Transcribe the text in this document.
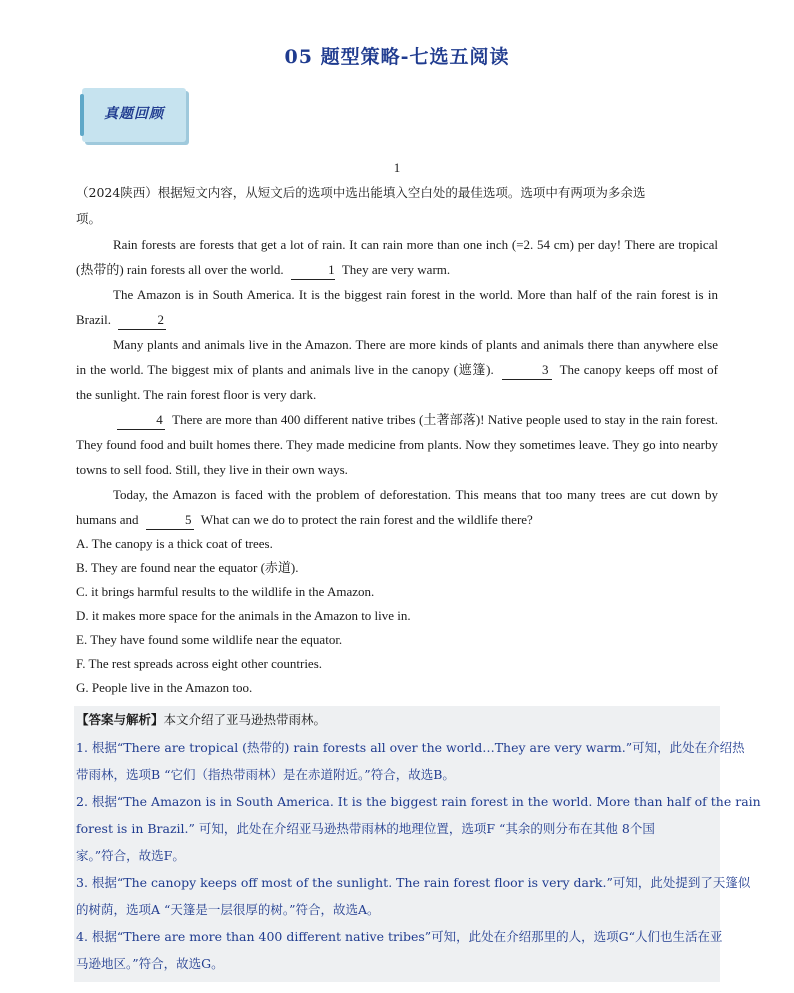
05 题型策略-七选五阅读
真题回顾
1

（2024陕西）根据短文内容，从短文后的选项中选出能填入空白处的最佳选项。选项中有两项为多余选
项。

Rain forests are forests that get a lot of rain. It can rain more than one inch (=2. 54 cm) per day! There are tropical (热带的) rain forests all over the world.	1 They are very warm.

The Amazon is in South America. It is the biggest rain forest in the world. More than half of the rain forest is in Brazil.	2

Many plants and animals live in the Amazon. There are more kinds of plants and animals there than anywhere else in the world. The biggest mix of plants and animals live in the canopy (遮篷).	3 The canopy keeps off most of the sunlight. The rain forest floor is very dark.

4 There are more than 400 different native tribes (土著部落)! Native people used to stay in the rain forest. They found food and built homes there. They made medicine from plants. Now they sometimes leave. They go into nearby towns to sell food. Still, they live in their own ways.

Today, the Amazon is faced with the problem of deforestation. This means that too many trees are cut down by humans and	5 What can we do to protect the rain forest and the wildlife there?

A. The canopy is a thick coat of trees.

B. They are found near the equator (赤道).

C. it brings harmful results to the wildlife in the Amazon.

D. it makes more space for the animals in the Amazon to live in.

E. They have found some wildlife near the equator.

F. The rest spreads across eight other countries.

G. People live in the Amazon too.

【答案与解析】本文介绍了亚马逊热带雨林。
1. 根据“There are tropical (热带的) rain forests all over the world…They are very warm.”可知，此处在介绍热
带雨林，选项B “它们（指热带雨林）是在赤道附近。”符合，故选B。
2. 根据“The Amazon is in South America. It is the biggest rain forest in the world. More than half of the rain
forest is in Brazil.” 可知，此处在介绍亚马逊热带雨林的地理位置，选项F “其余的则分布在其他 8个国
家。”符合，故选F。
3. 根据“The canopy keeps off most of the sunlight. The rain forest floor is very dark.”可知，此处提到了天篷似
的树荫，选项A “天篷是一层很厚的树。”符合，故选A。
4. 根据“There are more than 400 different native tribes”可知，此处在介绍那里的人，选项G“人们也生活在亚
马逊地区。”符合，故选G。
